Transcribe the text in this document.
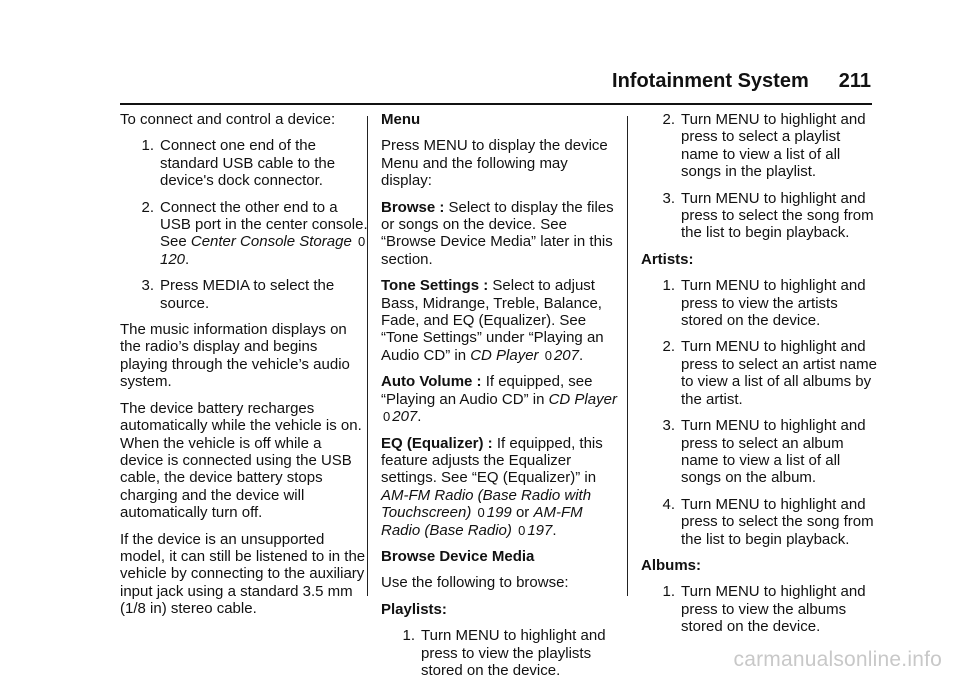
Infotainment System 211

To connect and control a device:

1. Connect one end of the standard USB cable to the device's dock connector.
2. Connect the other end to a USB port in the center console. See Center Console Storage 0120.
3. Press MEDIA to select the source.

The music information displays on the radio’s display and begins playing through the vehicle’s audio system.

The device battery recharges automatically while the vehicle is on. When the vehicle is off while a device is connected using the USB cable, the device battery stops charging and the device will automatically turn off.

If the device is an unsupported model, it can still be listened to in the vehicle by connecting to the auxiliary input jack using a standard 3.5 mm (1/8 in) stereo cable.

Menu

Press MENU to display the device Menu and the following may display:

Browse : Select to display the files or songs on the device. See “Browse Device Media” later in this section.

Tone Settings : Select to adjust Bass, Midrange, Treble, Balance, Fade, and EQ (Equalizer). See “Tone Settings” under “Playing an Audio CD” in CD Player 0 207.

Auto Volume : If equipped, see “Playing an Audio CD” in CD Player 0 207.

EQ (Equalizer) : If equipped, this feature adjusts the Equalizer settings. See “EQ (Equalizer)” in AM-FM Radio (Base Radio with Touchscreen) 0 199 or AM-FM Radio (Base Radio) 0 197.

Browse Device Media

Use the following to browse:

Playlists:

1. Turn MENU to highlight and press to view the playlists stored on the device.
2. Turn MENU to highlight and press to select a playlist name to view a list of all songs in the playlist.
3. Turn MENU to highlight and press to select the song from the list to begin playback.

Artists:

1. Turn MENU to highlight and press to view the artists stored on the device.
2. Turn MENU to highlight and press to select an artist name to view a list of all albums by the artist.
3. Turn MENU to highlight and press to select an album name to view a list of all songs on the album.
4. Turn MENU to highlight and press to select the song from the list to begin playback.

Albums:

1. Turn MENU to highlight and press to view the albums stored on the device.
carmanualsonline.info
